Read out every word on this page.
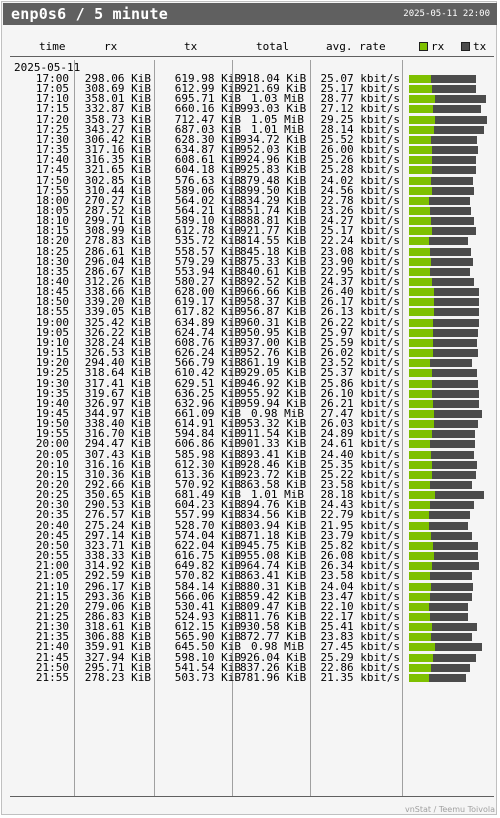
enp0s6 / 5 minute	2025-05-11 22:00
time	rx	tx	total	avg. rate	rx	tx
2025-05-11
17:00	298.06 KiB	619.98 KiB 918.04 KiB	25.07 kbit/s
17:05	308.69 KiB	612.99 KiB 921.69 KiB	25.17 kbit/s
17:10	358.01 KiB	695.71 KiB 1.03 MiB	28.77 kbit/s
17:15	332.87 KiB	660.16 KiB 993.03 KiB	27.12 kbit/s
17:20	358.73 KiB	712.47 KiB 1.05 MiB	29.25 kbit/s
17:25	343.27 KiB	687.03 KiB 1.01 MiB	28.14 kbit/s
17:30	306.42 KiB	628.30 KiB 934.72 KiB	25.52 kbit/s
17:35	317.16 KiB	634.87 KiB 952.03 KiB	26.00 kbit/s
17:40	316.35 KiB	608.61 KiB 924.96 KiB	25.26 kbit/s
17:45	321.65 KiB	604.18 KiB 925.83 KiB	25.28 kbit/s
17:50	302.85 KiB	576.63 KiB 879.48 KiB	24.02 kbit/s
17:55	310.44 KiB	589.06 KiB 899.50 KiB	24.56 kbit/s
18:00	270.27 KiB	564.02 KiB 834.29 KiB	22.78 kbit/s
18:05	287.52 KiB	564.21 KiB 851.74 KiB	23.26 kbit/s
18:10	299.71 KiB	589.10 KiB 888.81 KiB	24.27 kbit/s
18:15	308.99 KiB	612.78 KiB 921.77 KiB	25.17 kbit/s
18:20	278.83 KiB	535.72 KiB 814.55 KiB	22.24 kbit/s
18:25	286.61 KiB	558.57 KiB 845.18 KiB	23.08 kbit/s
18:30	296.04 KiB	579.29 KiB 875.33 KiB	23.90 kbit/s
18:35	286.67 KiB	553.94 KiB 840.61 KiB	22.95 kbit/s
18:40	312.26 KiB	580.27 KiB 892.52 KiB	24.37 kbit/s
18:45	338.66 KiB	628.00 KiB 966.66 KiB	26.40 kbit/s
18:50	339.20 KiB	619.17 KiB 958.37 KiB	26.17 kbit/s
18:55	339.05 KiB	617.82 KiB 956.87 KiB	26.13 kbit/s
19:00	325.42 KiB	634.89 KiB 960.31 KiB	26.22 kbit/s
19:05	326.22 KiB	624.74 KiB 950.95 KiB	25.97 kbit/s
19:10	328.24 KiB	608.76 KiB 937.00 KiB	25.59 kbit/s
19:15	326.53 KiB	626.24 KiB 952.76 KiB	26.02 kbit/s
19:20	294.40 KiB	566.79 KiB 861.19 KiB	23.52 kbit/s
19:25	318.64 KiB	610.42 KiB 929.05 KiB	25.37 kbit/s
19:30	317.41 KiB	629.51 KiB 946.92 KiB	25.86 kbit/s
19:35	319.67 KiB	636.25 KiB 955.92 KiB	26.10 kbit/s
19:40	326.97 KiB	632.96 KiB 959.94 KiB	26.21 kbit/s
19:45	344.97 KiB	661.09 KiB 0.98 MiB	27.47 kbit/s
19:50	338.40 KiB	614.91 KiB 953.32 KiB	26.03 kbit/s
19:55	316.70 KiB	594.84 KiB 911.54 KiB	24.89 kbit/s
20:00	294.47 KiB	606.86 KiB 901.33 KiB	24.61 kbit/s
20:05	307.43 KiB	585.98 KiB 893.41 KiB	24.40 kbit/s
20:10	316.16 KiB	612.30 KiB 928.46 KiB	25.35 kbit/s
20:15	310.36 KiB	613.36 KiB 923.72 KiB	25.22 kbit/s
20:20	292.66 KiB	570.92 KiB 863.58 KiB	23.58 kbit/s
20:25	350.65 KiB	681.49 KiB 1.01 MiB	28.18 kbit/s
20:30	290.53 KiB	604.23 KiB 894.76 KiB	24.43 kbit/s
20:35	276.57 KiB	557.99 KiB 834.56 KiB	22.79 kbit/s
20:40	275.24 KiB	528.70 KiB 803.94 KiB	21.95 kbit/s
20:45	297.14 KiB	574.04 KiB 871.18 KiB	23.79 kbit/s
20:50	323.71 KiB	622.04 KiB 945.75 KiB	25.82 kbit/s
20:55	338.33 KiB	616.75 KiB 955.08 KiB	26.08 kbit/s
21:00	314.92 KiB	649.82 KiB 964.74 KiB	26.34 kbit/s
21:05	292.59 KiB	570.82 KiB 863.41 KiB	23.58 kbit/s
21:10	296.17 KiB	584.14 KiB 880.31 KiB	24.04 kbit/s
21:15	293.36 KiB	566.06 KiB 859.42 KiB	23.47 kbit/s
21:20	279.06 KiB	530.41 KiB 809.47 KiB	22.10 kbit/s
21:25	286.83 KiB	524.93 KiB 811.76 KiB	22.17 kbit/s
21:30	318.61 KiB	612.15 KiB 930.58 KiB	25.41 kbit/s
21:35	306.88 KiB	565.90 KiB 872.77 KiB	23.83 kbit/s
21:40	359.91 KiB	645.50 KiB 0.98 MiB	27.45 kbit/s
21:45	327.94 KiB	598.10 KiB 926.04 KiB	25.29 kbit/s
21:50	295.71 KiB	541.54 KiB 837.26 KiB	22.86 kbit/s
21:55	278.23 KiB	503.73 KiB 781.96 KiB	21.35 kbit/s
vnStat / Teemu Toivola
